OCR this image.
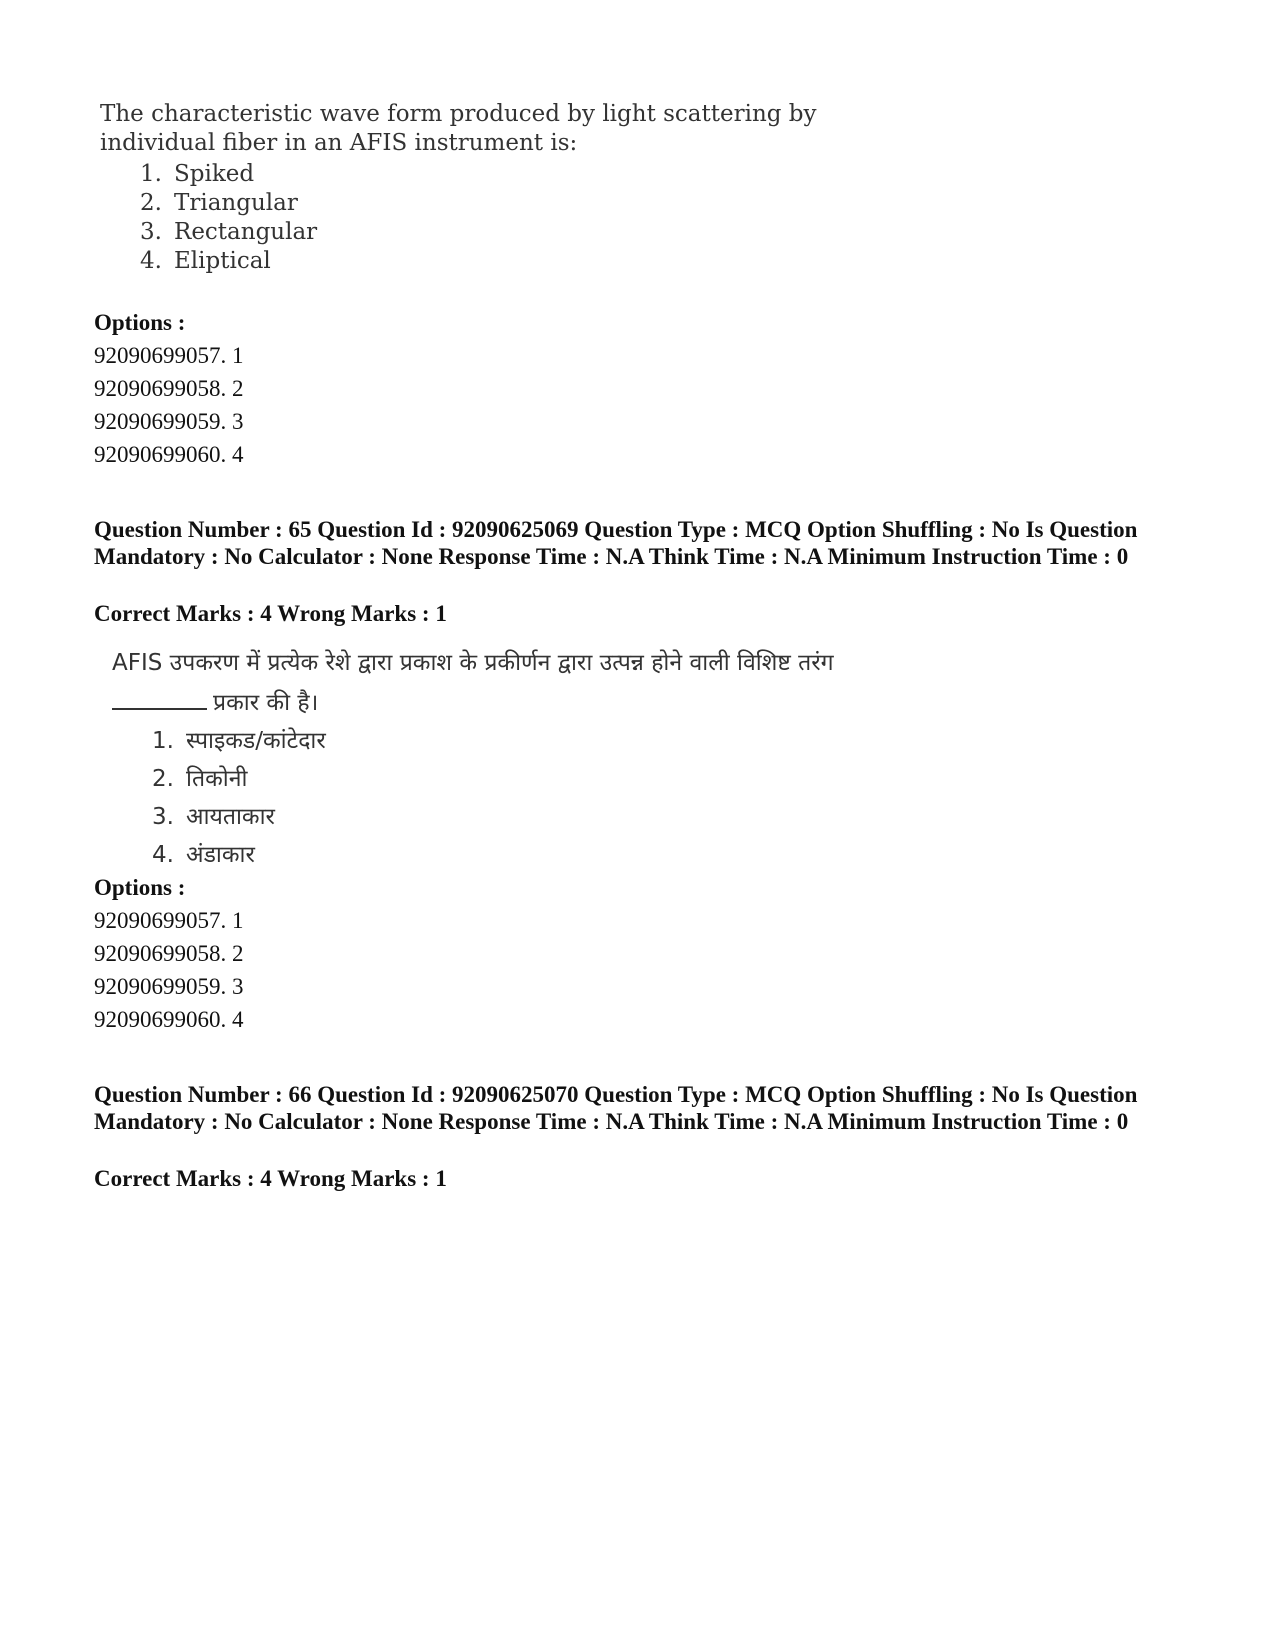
The characteristic wave form produced by light scattering by individual fiber in an AFIS instrument is:
1. Spiked
2. Triangular
3. Rectangular
4. Eliptical
Options :
92090699057. 1
92090699058. 2
92090699059. 3
92090699060. 4
Question Number : 65 Question Id : 92090625069 Question Type : MCQ Option Shuffling : No Is Question Mandatory : No Calculator : None Response Time : N.A Think Time : N.A Minimum Instruction Time : 0
Correct Marks : 4 Wrong Marks : 1
AFIS उपकरण में प्रत्येक रेशे द्वारा प्रकाश के प्रकीर्णन द्वारा उत्पन्न होने वाली विशिष्ट तरंग
प्रकार की है।
1. स्पाइकड/कांटेदार
2. तिकोनी
3. आयताकार
4. अंडाकार
Options :
92090699057. 1
92090699058. 2
92090699059. 3
92090699060. 4
Question Number : 66 Question Id : 92090625070 Question Type : MCQ Option Shuffling : No Is Question Mandatory : No Calculator : None Response Time : N.A Think Time : N.A Minimum Instruction Time : 0
Correct Marks : 4 Wrong Marks : 1
